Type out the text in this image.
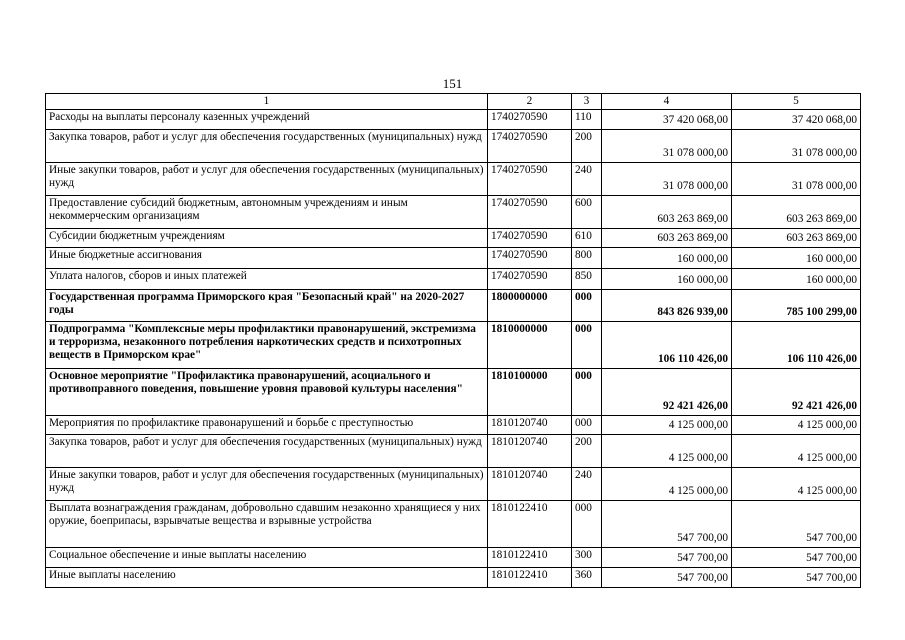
151
1	2	3	4	5
Расходы на выплаты персоналу казенных учреждений	1740270590	110	37 420 068,00	37 420 068,00
Закупка товаров, работ и услуг для обеспечения государственных (муниципальных) нужд	1740270590	200	31 078 000,00	31 078 000,00
Иные закупки товаров, работ и услуг для обеспечения государственных (муниципальных) нужд	1740270590	240	31 078 000,00	31 078 000,00
Предоставление субсидий бюджетным, автономным учреждениям и иным некоммерческим организациям	1740270590	600	603 263 869,00	603 263 869,00
Субсидии бюджетным учреждениям	1740270590	610	603 263 869,00	603 263 869,00
Иные бюджетные ассигнования	1740270590	800	160 000,00	160 000,00
Уплата налогов, сборов и иных платежей	1740270590	850	160 000,00	160 000,00
Государственная программа Приморского края "Безопасный край" на 2020-2027 годы	1800000000	000	843 826 939,00	785 100 299,00
Подпрограмма "Комплексные меры профилактики правонарушений, экстремизма и терроризма, незаконного потребления наркотических средств и психотропных веществ в Приморском крае"	1810000000	000	106 110 426,00	106 110 426,00
Основное мероприятие "Профилактика правонарушений, асоциального и противоправного поведения, повышение уровня правовой культуры населения"	1810100000	000	92 421 426,00	92 421 426,00
Мероприятия по профилактике правонарушений и борьбе с преступностью	1810120740	000	4 125 000,00	4 125 000,00
Закупка товаров, работ и услуг для обеспечения государственных (муниципальных) нужд	1810120740	200	4 125 000,00	4 125 000,00
Иные закупки товаров, работ и услуг для обеспечения государственных (муниципальных) нужд	1810120740	240	4 125 000,00	4 125 000,00
Выплата вознаграждения гражданам, добровольно сдавшим незаконно хранящиеся у них оружие, боеприпасы, взрывчатые вещества и взрывные устройства	1810122410	000	547 700,00	547 700,00
Социальное обеспечение и иные выплаты населению	1810122410	300	547 700,00	547 700,00
Иные выплаты населению	1810122410	360	547 700,00	547 700,00
